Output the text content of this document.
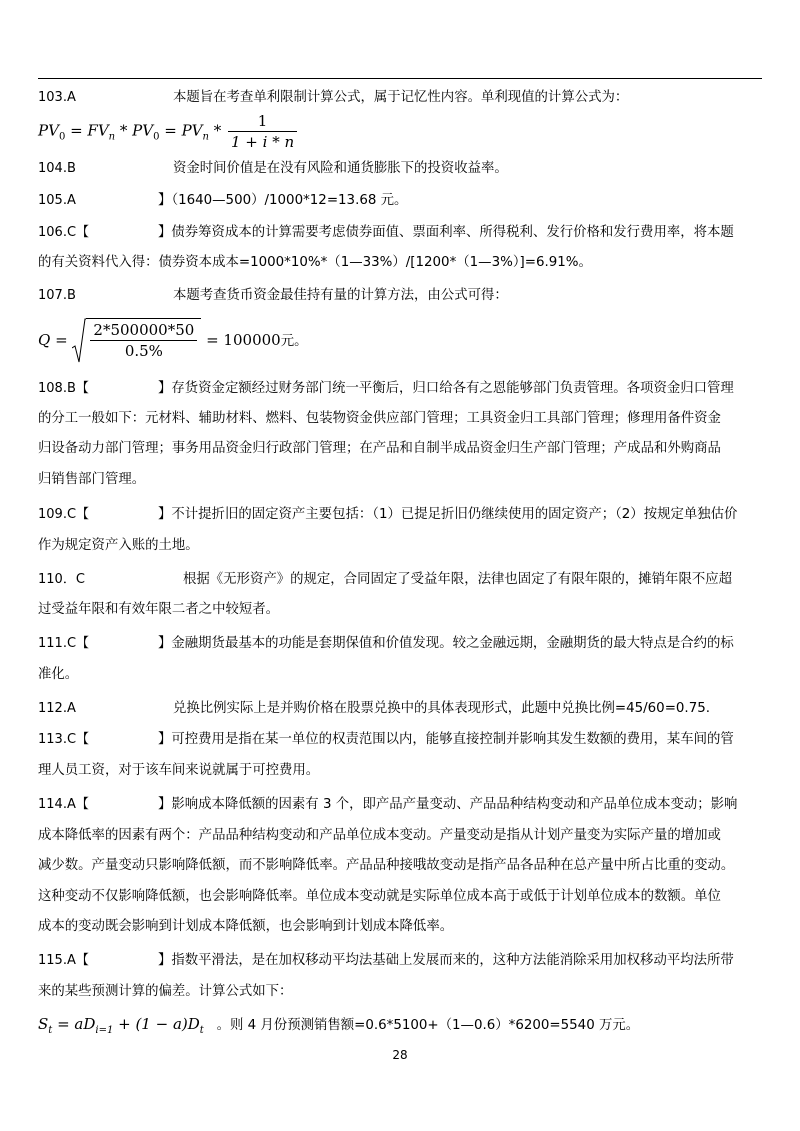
103.A	本题旨在考查单利限制计算公式，属于记忆性内容。单利现值的计算公式为：
$PV_0 = FV_n * PV_0 = PV_n * \frac{1}{1 + i * n}$
104.B	资金时间价值是在没有风险和通货膨胀下的投资收益率。
105.A	】（1640—500）/1000*12=13.68 元。
106.C【	】债券筹资成本的计算需要考虑债券面值、票面利率、所得税利、发行价格和发行费用率，将本题
的有关资料代入得：债券资本成本=1000*10%*（1—33%）/[1200*（1—3%）]=6.91%。
107.B	本题考查货币资金最佳持有量的计算方法，由公式可得：
$Q = \frac{2*500000*50}{0.5\%} = 100000$元。
108.B【	】存货资金定额经过财务部门统一平衡后，归口给各有之恩能够部门负责管理。各项资金归口管理
的分工一般如下：元材料、辅助材料、燃料、包装物资金供应部门管理；工具资金归工具部门管理；修理用备件资金
归设备动力部门管理；事务用品资金归行政部门管理；在产品和自制半成品资金归生产部门管理；产成品和外购商品
归销售部门管理。
109.C【	】不计提折旧的固定资产主要包括：（1）已提足折旧仍继续使用的固定资产；（2）按规定单独估价
作为规定资产入账的土地。
110．C	根据《无形资产》的规定，合同固定了受益年限，法律也固定了有限年限的，摊销年限不应超
过受益年限和有效年限二者之中较短者。
111.C【	】金融期货最基本的功能是套期保值和价值发现。较之金融远期，金融期货的最大特点是合约的标
准化。
112.A	兑换比例实际上是并购价格在股票兑换中的具体表现形式，此题中兑换比例=45/60=0.75.
113.C【	】可控费用是指在某一单位的权责范围以内，能够直接控制并影响其发生数额的费用，某车间的管
理人员工资，对于该车间来说就属于可控费用。
114.A【	】影响成本降低额的因素有 3 个，即产品产量变动、产品品种结构变动和产品单位成本变动；影响
成本降低率的因素有两个：产品品种结构变动和产品单位成本变动。产量变动是指从计划产量变为实际产量的增加或
减少数。产量变动只影响降低额，而不影响降低率。产品品种接哦故变动是指产品各品种在总产量中所占比重的变动。
这种变动不仅影响降低额，也会影响降低率。单位成本变动就是实际单位成本高于或低于计划单位成本的数额。单位
成本的变动既会影响到计划成本降低额，也会影响到计划成本降低率。
115.A【	】指数平滑法，是在加权移动平均法基础上发展而来的，这种方法能消除采用加权移动平均法所带
来的某些预测计算的偏差。计算公式如下：
$S_t = aD_{i=1} + (1 - a)D_t$ 。则 4 月份预测销售额=0.6*5100+（1—0.6）*6200=5540 万元。
28
